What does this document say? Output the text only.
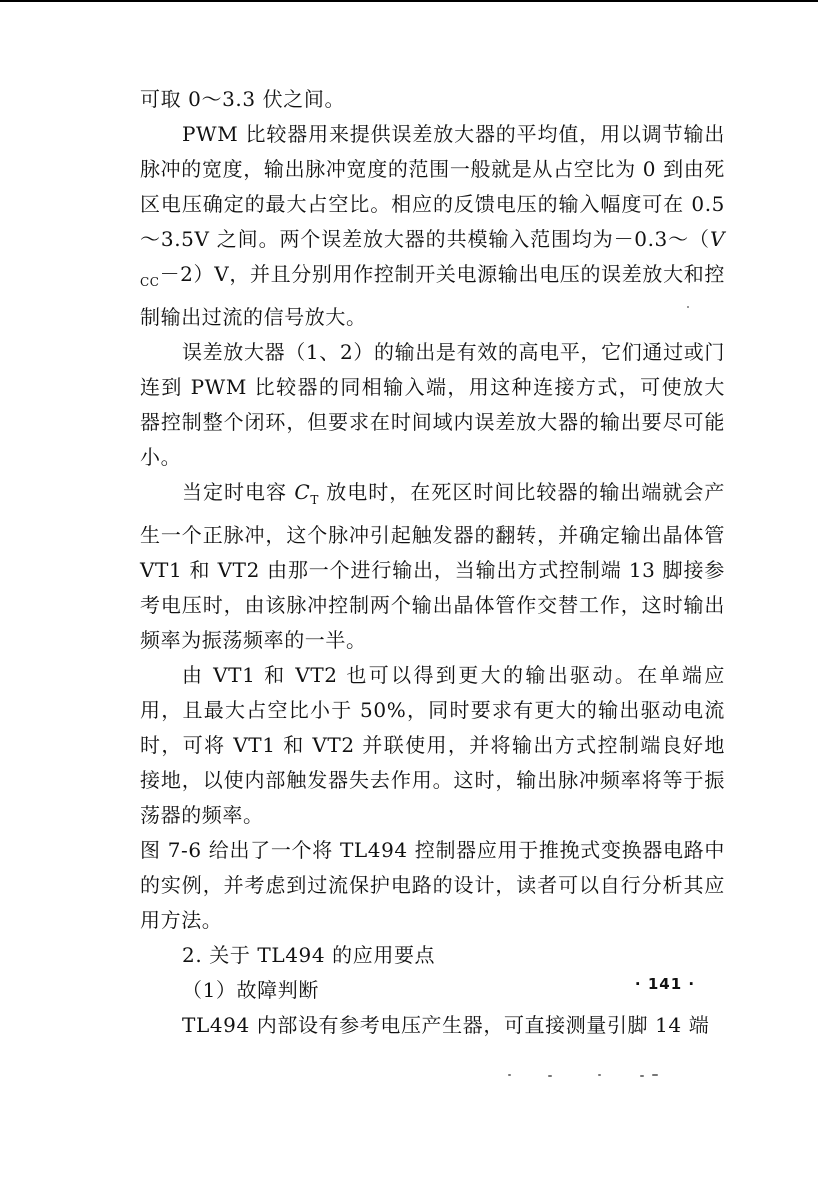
可取 0～3.3 伏之间。

PWM 比较器用来提供误差放大器的平均值，用以调节输出脉冲的宽度，输出脉冲宽度的范围一般就是从占空比为 0 到由死区电压确定的最大占空比。相应的反馈电压的输入幅度可在 0.5～3.5V 之间。两个误差放大器的共模输入范围均为$-0.3\sim(V_{CC}-2)V$，并且分别用作控制开关电源输出电压的误差放大和控制输出过流的信号放大。

误差放大器（1、2）的输出是有效的高电平，它们通过或门连到 PWM 比较器的同相输入端，用这种连接方式，可使放大器控制整个闭环，但要求在时间域内误差放大器的输出要尽可能小。

当定时电容 $C_T$ 放电时，在死区时间比较器的输出端就会产生一个正脉冲，这个脉冲引起触发器的翻转，并确定输出晶体管 VT1 和 VT2 由那一个进行输出，当输出方式控制端 13 脚接参考电压时，由该脉冲控制两个输出晶体管作交替工作，这时输出频率为振荡频率的一半。

由 VT1 和 VT2 也可以得到更大的输出驱动。在单端应用，且最大占空比小于 50%，同时要求有更大的输出驱动电流时，可将 VT1 和 VT2 并联使用，并将输出方式控制端良好地接地，以使内部触发器失去作用。这时，输出脉冲频率将等于振荡器的频率。

图 7-6 给出了一个将 TL494 控制器应用于推挽式变换器电路中的实例，并考虑到过流保护电路的设计，读者可以自行分析其应用方法。

2. 关于 TL494 的应用要点

（1）故障判断

TL494 内部设有参考电压产生器，可直接测量引脚 14 端

· 141 ·
